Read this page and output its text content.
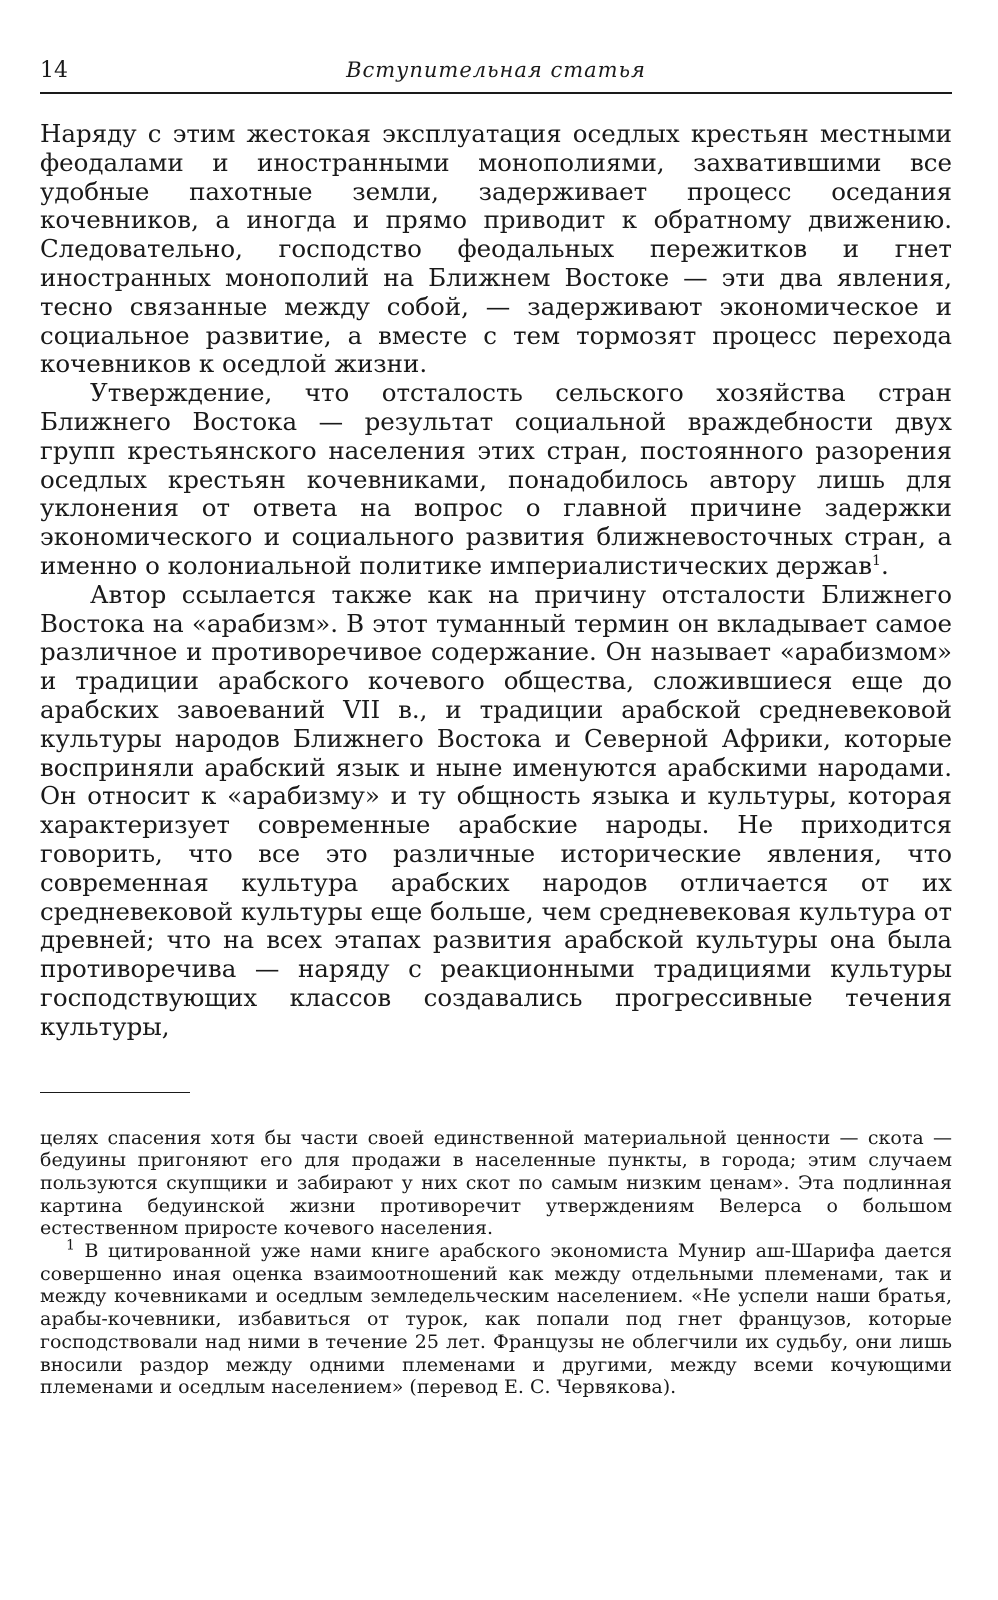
14	Вступительная статья

Наряду с этим жестокая эксплуатация оседлых крестьян местными феодалами и иностранными монополиями, захватившими все удобные пахотные земли, задерживает процесс оседания кочевников, а иногда и прямо приводит к обратному движению. Следовательно, господство феодальных пережитков и гнет иностранных монополий на Ближнем Востоке — эти два явления, тесно связанные между собой, — задерживают экономическое и социальное развитие, а вместе с тем тормозят процесс перехода кочевников к оседлой жизни.

Утверждение, что отсталость сельского хозяйства стран Ближнего Востока — результат социальной враждебности двух групп крестьянского населения этих стран, постоянного разорения оседлых крестьян кочевниками, понадобилось автору лишь для уклонения от ответа на вопрос о главной причине задержки экономического и социального развития ближневосточных стран, а именно о колониальной политике империалистических держав$^1$.

Автор ссылается также как на причину отсталости Ближнего Востока на «арабизм». В этот туманный термин он вкладывает самое различное и противоречивое содержание. Он называет «арабизмом» и традиции арабского кочевого общества, сложившиеся еще до арабских завоеваний VII в., и традиции арабской средневековой культуры народов Ближнего Востока и Северной Африки, которые восприняли арабский язык и ныне именуются арабскими народами. Он относит к «арабизму» и ту общность языка и культуры, которая характеризует современные арабские народы. Не приходится говорить, что все это различные исторические явления, что современная культура арабских народов отличается от их средневековой культуры еще больше, чем средневековая культура от древней; что на всех этапах развития арабской культуры она была противоречива — наряду с реакционными традициями культуры господствующих классов создавались прогрессивные течения культуры,

целях спасения хотя бы части своей единственной материальной ценности — скота — бедуины пригоняют его для продажи в населенные пункты, в города; этим случаем пользуются скупщики и забирают у них скот по самым низким ценам». Эта подлинная картина бедуинской жизни противоречит утверждениям Велерса о большом естественном приросте кочевого населения.

$^1$ В цитированной уже нами книге арабского экономиста Мунир аш-Шарифа дается совершенно иная оценка взаимоотношений как между отдельными племенами, так и между кочевниками и оседлым земледельческим населением. «Не успели наши братья, арабы-кочевники, избавиться от турок, как попали под гнет французов, которые господствовали над ними в течение 25 лет. Французы не облегчили их судьбу, они лишь вносили раздор между одними племенами и другими, между всеми кочующими племенами и оседлым населением» (перевод Е. С. Червякова).
